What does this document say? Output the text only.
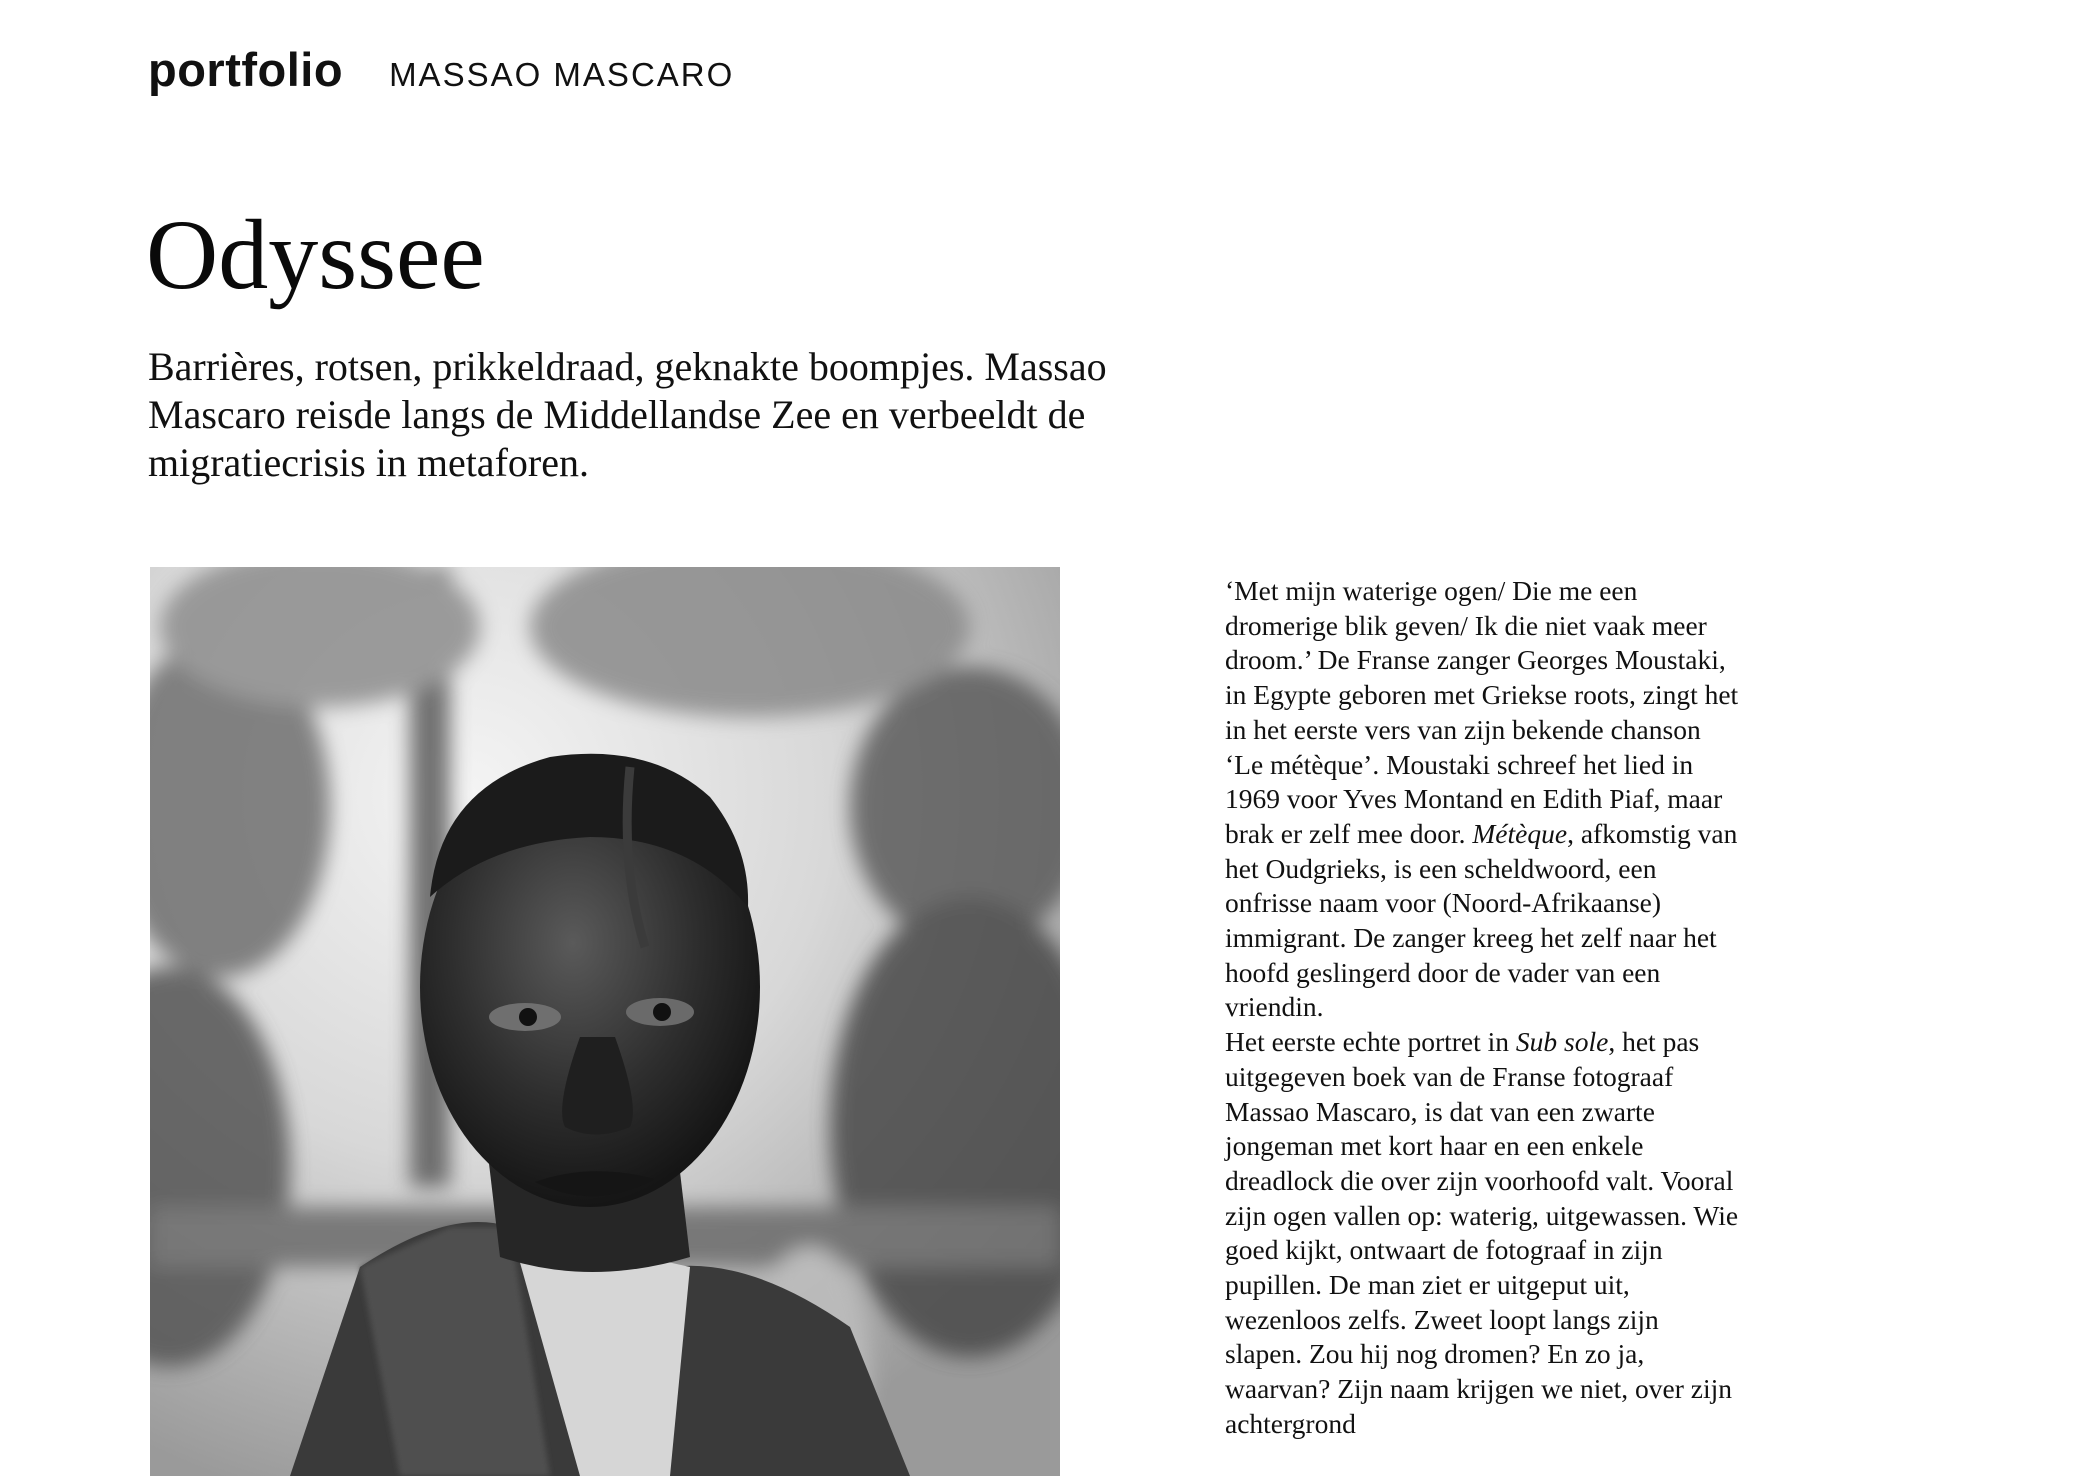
portfolio MASSAO MASCARO
Odyssee

Barrières, rotsen, prikkeldraad, geknakte boompjes. Massao Mascaro reisde langs de Middellandse Zee en verbeeldt de migratiecrisis in metaforen.

‘Met mijn waterige ogen/ Die me een dromerige blik geven/ Ik die niet vaak meer droom.’ De Franse zanger Georges Moustaki, in Egypte geboren met Griekse roots, zingt het in het eerste vers van zijn bekende chanson ‘Le métèque’. Moustaki schreef het lied in 1969 voor Yves Montand en Edith Piaf, maar brak er zelf mee door. Métèque, afkomstig van het Oudgrieks, is een scheldwoord, een onfrisse naam voor (Noord-Afrikaanse) immigrant. De zanger kreeg het zelf naar het hoofd geslingerd door de vader van een vriendin.

Het eerste echte portret in Sub sole, het pas uitgegeven boek van de Franse fotograaf Massao Mascaro, is dat van een zwarte jongeman met kort haar en een enkele dreadlock die over zijn voorhoofd valt. Vooral zijn ogen vallen op: waterig, uitgewassen. Wie goed kijkt, ontwaart de fotograaf in zijn pupillen. De man ziet er uitgeput uit, wezenloos zelfs. Zweet loopt langs zijn slapen. Zou hij nog dromen? En zo ja, waarvan? Zijn naam krijgen we niet, over zijn achtergrond
